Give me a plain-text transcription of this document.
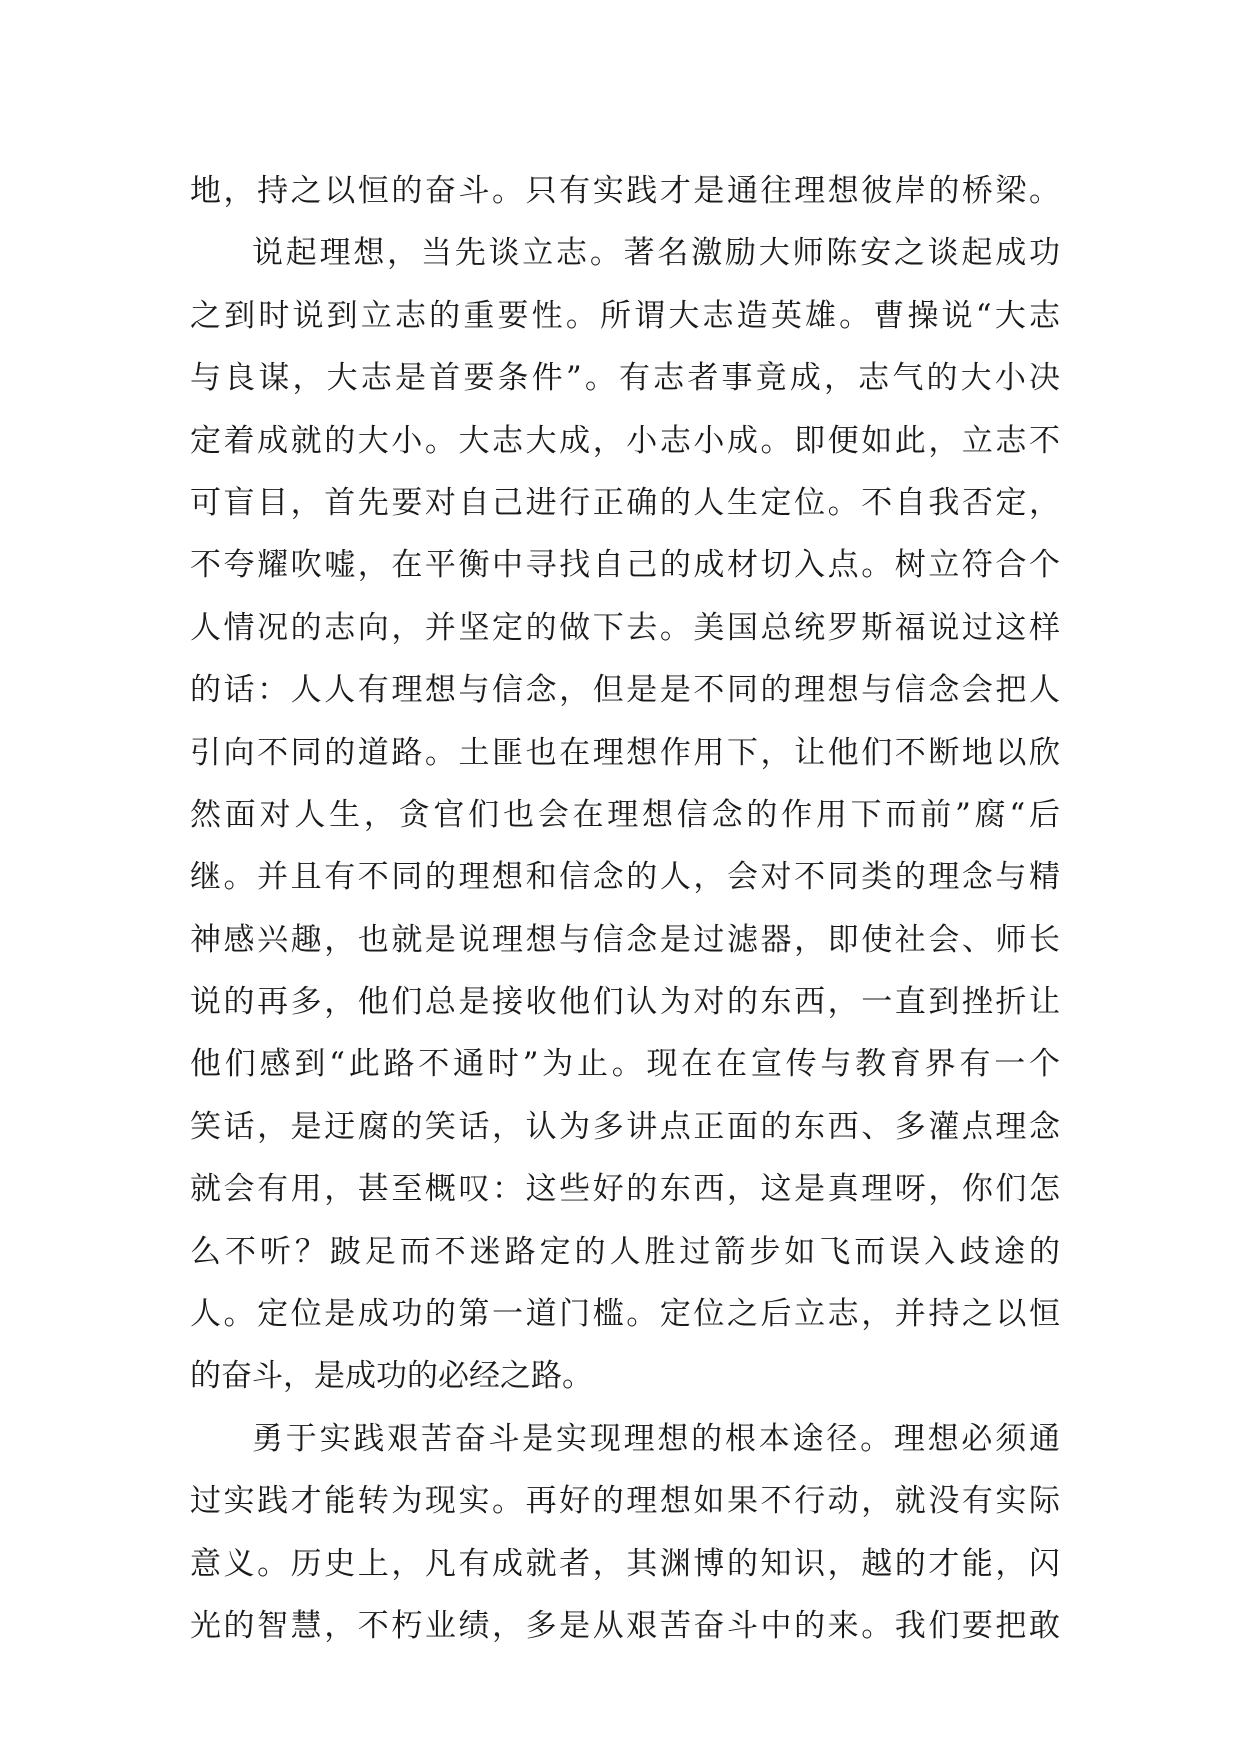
地，持之以恒的奋斗。只有实践才是通往理想彼岸的桥梁。
说起理想，当先谈立志。著名激励大师陈安之谈起成功
之到时说到立志的重要性。所谓大志造英雄。曹操说“大志
与良谋，大志是首要条件”。有志者事竟成，志气的大小决
定着成就的大小。大志大成，小志小成。即便如此，立志不
可盲目，首先要对自己进行正确的人生定位。不自我否定，
不夸耀吹嘘，在平衡中寻找自己的成材切入点。树立符合个
人情况的志向，并坚定的做下去。美国总统罗斯福说过这样
的话：人人有理想与信念，但是是不同的理想与信念会把人
引向不同的道路。土匪也在理想作用下，让他们不断地以欣
然面对人生，贪官们也会在理想信念的作用下而前”腐“后
继。并且有不同的理想和信念的人，会对不同类的理念与精
神感兴趣，也就是说理想与信念是过滤器，即使社会、师长
说的再多，他们总是接收他们认为对的东西，一直到挫折让
他们感到“此路不通时”为止。现在在宣传与教育界有一个
笑话，是迂腐的笑话，认为多讲点正面的东西、多灌点理念
就会有用，甚至概叹：这些好的东西，这是真理呀，你们怎
么不听？跛足而不迷路定的人胜过箭步如飞而误入歧途的
人。定位是成功的第一道门槛。定位之后立志，并持之以恒
的奋斗，是成功的必经之路。
勇于实践艰苦奋斗是实现理想的根本途径。理想必须通
过实践才能转为现实。再好的理想如果不行动，就没有实际
意义。历史上，凡有成就者，其渊博的知识，越的才能，闪
光的智慧，不朽业绩，多是从艰苦奋斗中的来。我们要把敢
